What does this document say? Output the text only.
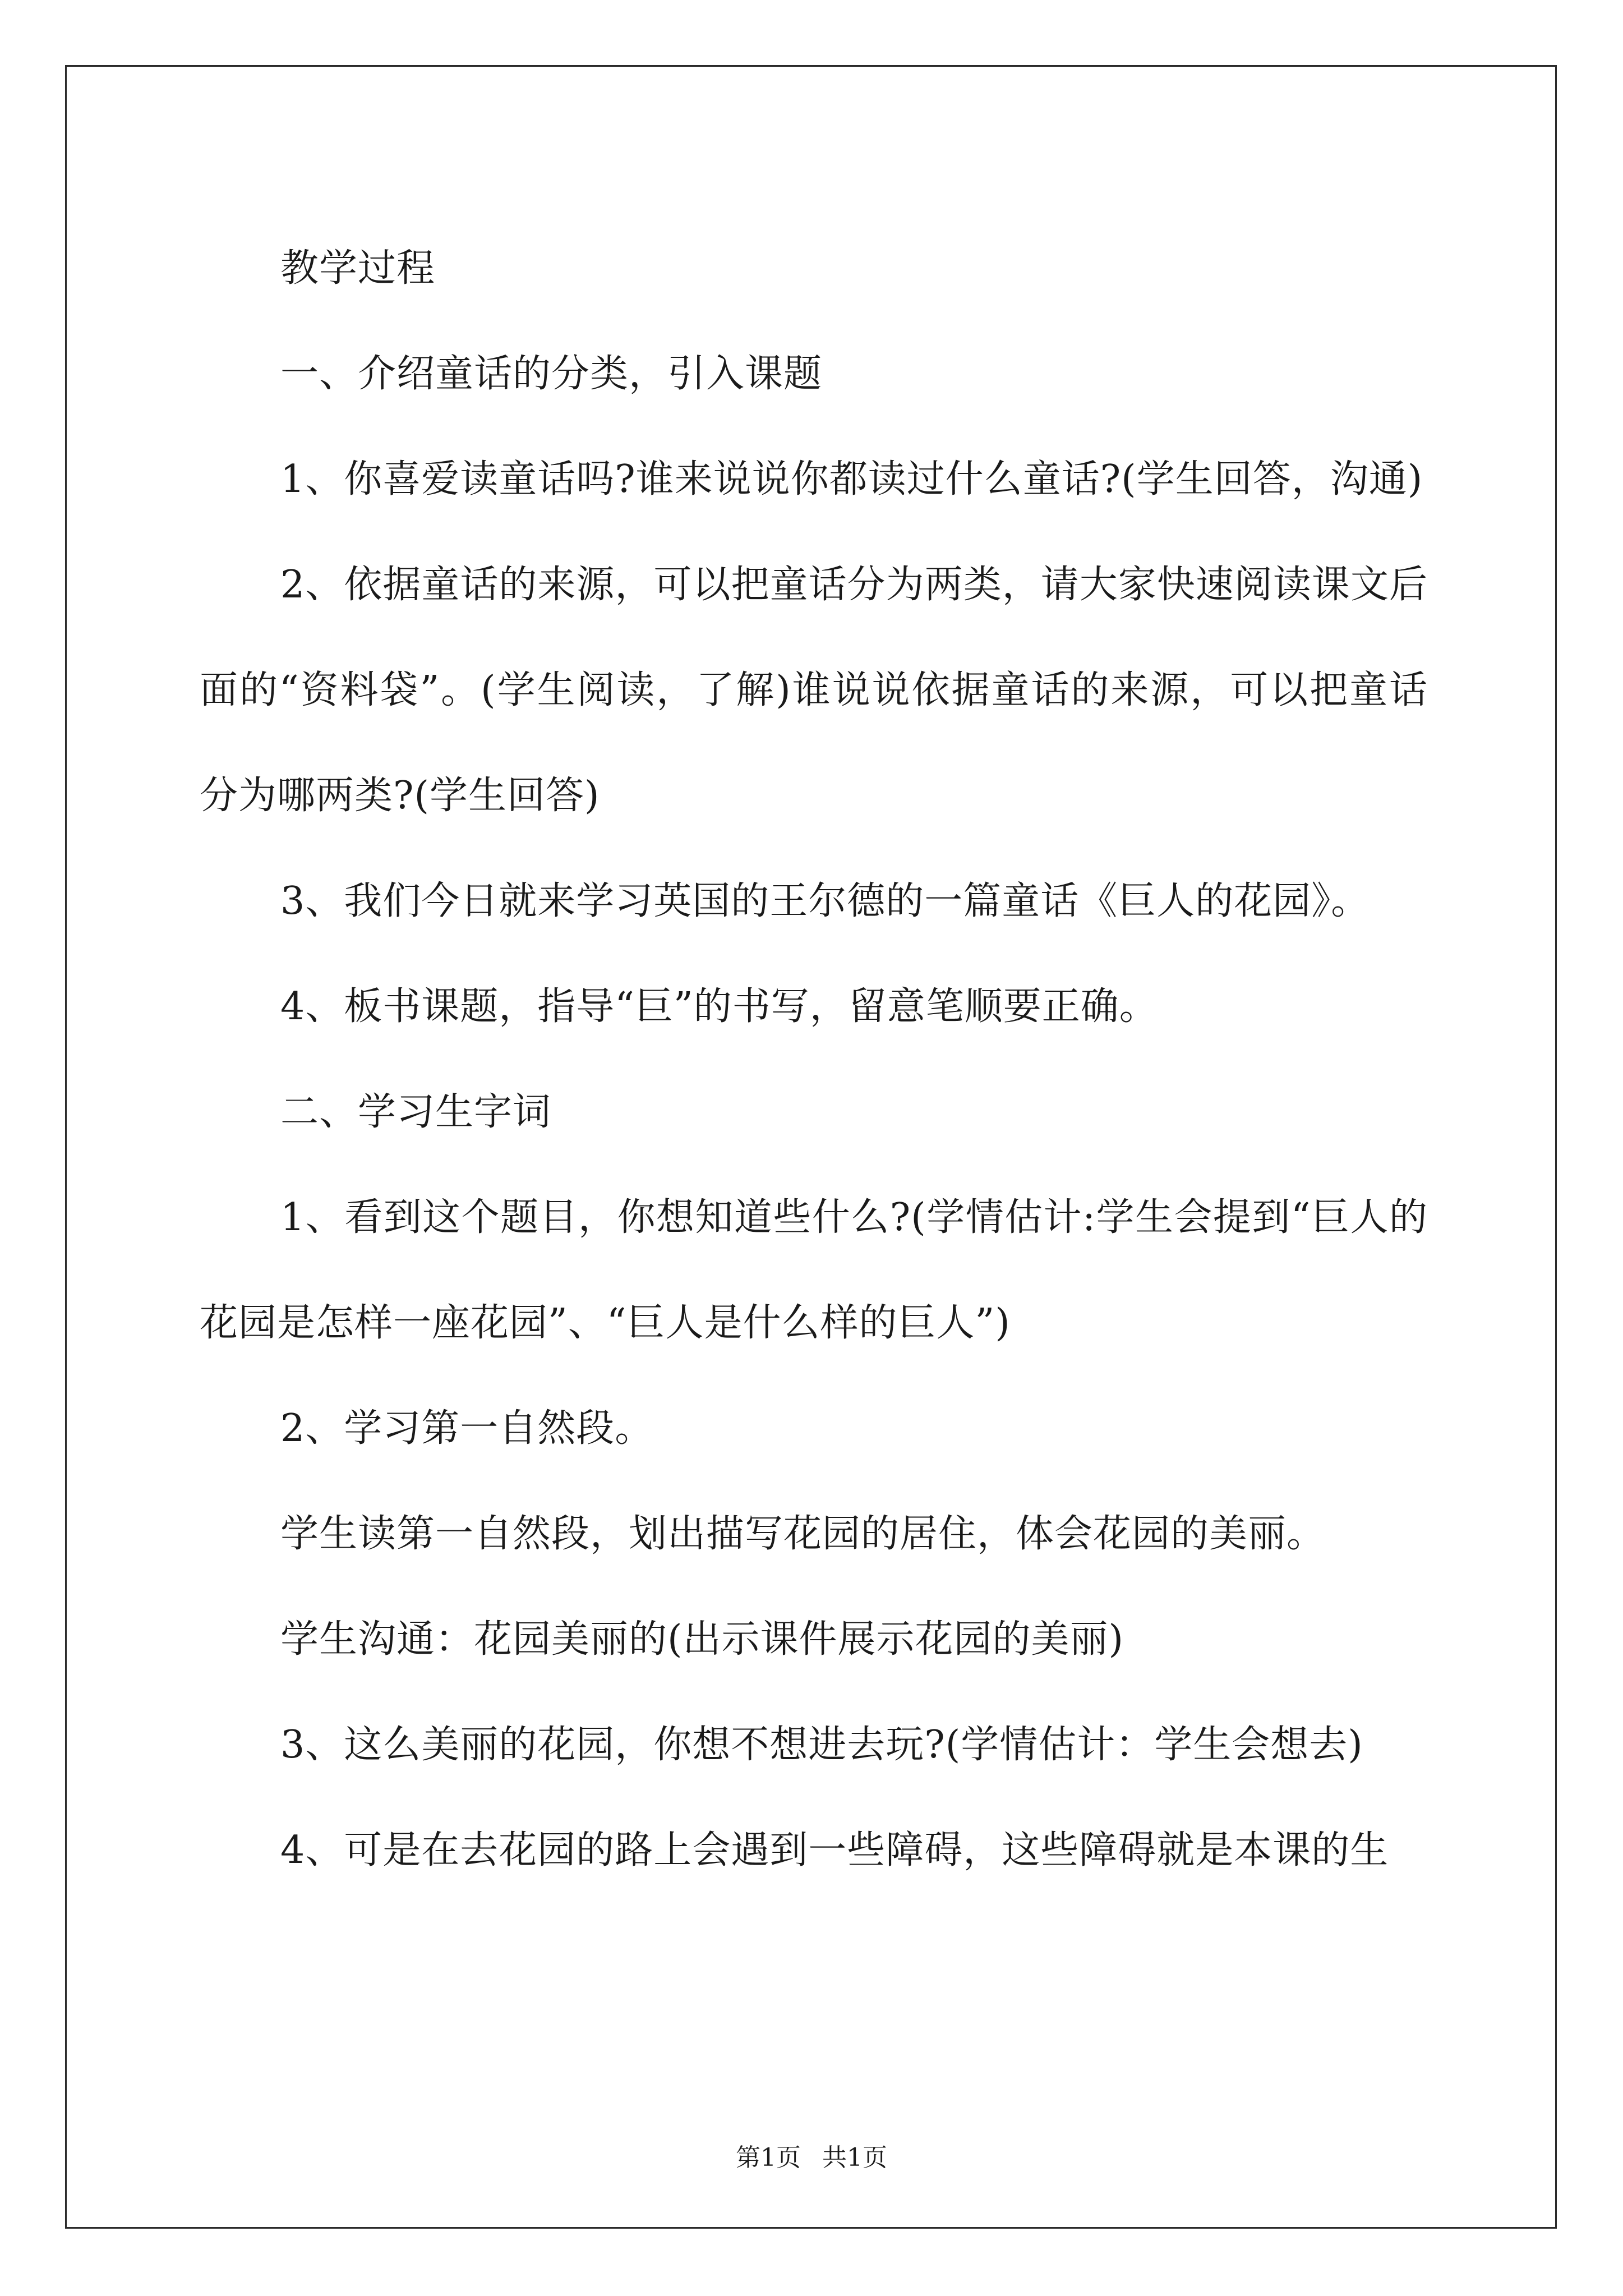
教学过程

一、介绍童话的分类，引入课题

1、你喜爱读童话吗?谁来说说你都读过什么童话?(学生回答，沟通)

2、依据童话的来源，可以把童话分为两类，请大家快速阅读课文后面的“资料袋”。(学生阅读，了解)谁说说依据童话的来源，可以把童话分为哪两类?(学生回答)

3、我们今日就来学习英国的王尔德的一篇童话《巨人的花园》。

4、板书课题，指导“巨”的书写，留意笔顺要正确。

二、学习生字词

1、看到这个题目，你想知道些什么?(学情估计:学生会提到“巨人的花园是怎样一座花园”、“巨人是什么样的巨人”)

2、学习第一自然段。

学生读第一自然段，划出描写花园的居住，体会花园的美丽。

学生沟通：花园美丽的(出示课件展示花园的美丽)

3、这么美丽的花园，你想不想进去玩?(学情估计：学生会想去)

4、可是在去花园的路上会遇到一些障碍，这些障碍就是本课的生

第1页 共1页
